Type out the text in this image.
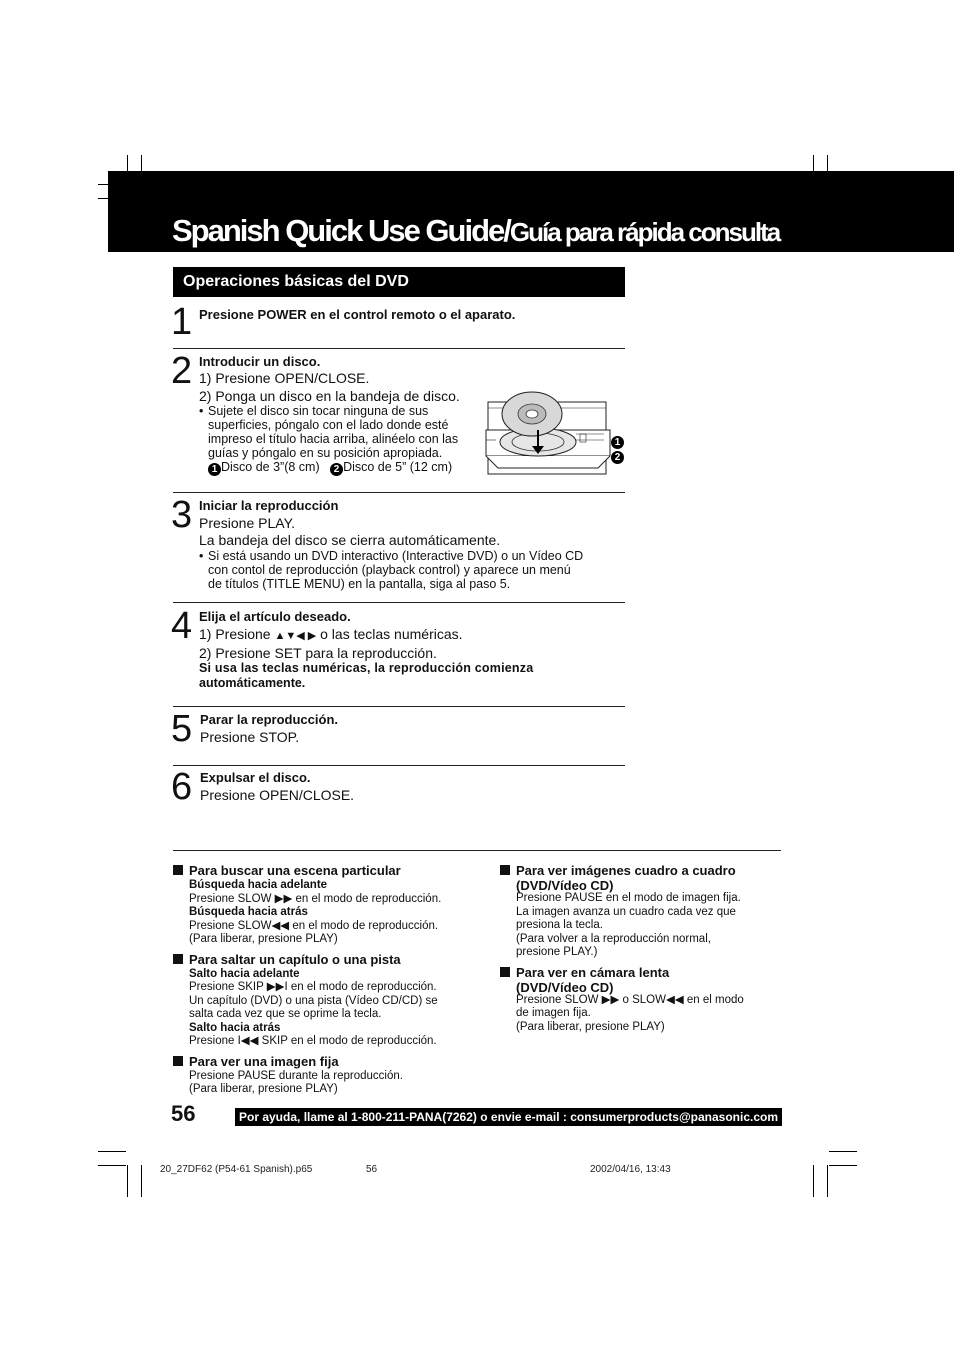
Spanish Quick Use Guide/Guía para rápida consulta
Operaciones básicas del DVD
1 Presione POWER en el control remoto o el aparato.
2 Introducir un disco.
1) Presione OPEN/CLOSE.
2) Ponga un disco en la bandeja de disco.
• Sujete el disco sin tocar ninguna de sus
superficies, póngalo con el lado donde esté
impreso el título hacia arriba, alinéelo con las
guías y póngalo en su posición apropiada.
1 Disco de 3”(8 cm) 2 Disco de 5” (12 cm)
1
2
3 Iniciar la reproducción
Presione PLAY.
La bandeja del disco se cierra automáticamente.
• Si está usando un DVD interactivo (Interactive DVD) o un Vídeo CD
con contol de reproducción (playback control) y aparece un menú
de títulos (TITLE MENU) en la pantalla, siga al paso 5.
4 Elija el artículo deseado.
1) Presione ▲▼◀ ▶ o las teclas numéricas.
2) Presione SET para la reproducción.
Si usa las teclas numéricas, la reproducción comienza
automáticamente.
5 Parar la reproducción.
Presione STOP.
6 Expulsar el disco.
Presione OPEN/CLOSE.
Para buscar una escena particular
Búsqueda hacia adelante
Presione SLOW ▶▶ en el modo de reproducción.
Búsqueda hacia atrás
Presione SLOW◀◀ en el modo de reproducción.
(Para liberar, presione PLAY)
Para saltar un capítulo o una pista
Salto hacia adelante
Presione SKIP ▶▶I en el modo de reproducción.
Un capítulo (DVD) o una pista (Vídeo CD/CD) se
salta cada vez que se oprime la tecla.
Salto hacia atrás
Presione I◀◀ SKIP en el modo de reproducción.
Para ver una imagen fija
Presione PAUSE durante la reproducción.
(Para liberar, presione PLAY)
Para ver imágenes cuadro a cuadro
(DVD/Vídeo CD)
Presione PAUSE en el modo de imagen fija.
La imagen avanza un cuadro cada vez que
presiona la tecla.
(Para volver a la reproducción normal,
presione PLAY.)
Para ver en cámara lenta
(DVD/Vídeo CD)
Presione SLOW ▶▶ o SLOW◀◀ en el modo
de imagen fija.
(Para liberar, presione PLAY)
56	Por ayuda, llame al 1-800-211-PANA(7262) o envie e-mail : consumerproducts@panasonic.com
20_27DF62 (P54-61 Spanish).p65	56	2002/04/16, 13:43
